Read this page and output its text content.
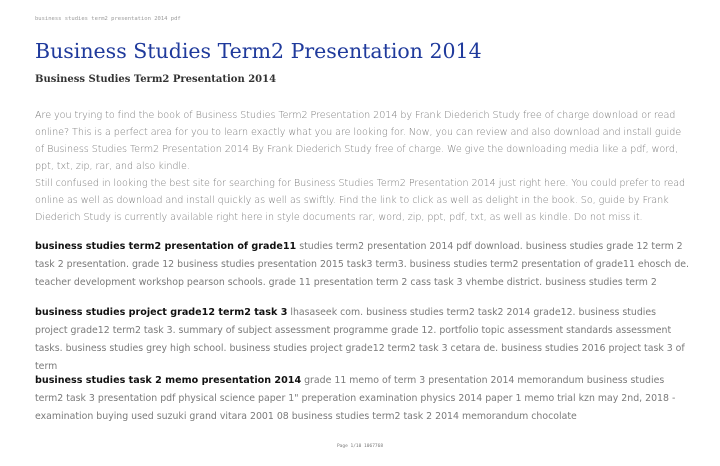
business studies term2 presentation 2014 pdf
Business Studies Term2 Presentation 2014
Business Studies Term2 Presentation 2014

Are you trying to find the book of Business Studies Term2 Presentation 2014 by Frank Diederich Study free of charge download or read online? This is a perfect area for you to learn exactly what you are looking for. Now, you can review and also download and install guide of Business Studies Term2 Presentation 2014 By Frank Diederich Study free of charge. We give the downloading media like a pdf, word, ppt, txt, zip, rar, and also kindle.

Still confused in looking the best site for searching for Business Studies Term2 Presentation 2014 just right here. You could prefer to read online as well as download and install quickly as well as swiftly. Find the link to click as well as delight in the book. So, guide by Frank Diederich Study is currently available right here in style documents rar, word, zip, ppt, pdf, txt, as well as kindle. Do not miss it.

business studies term2 presentation of grade11 studies term2 presentation 2014 pdf download. business studies grade 12 term 2 task 2 presentation. grade 12 business studies presentation 2015 task3 term3. business studies term2 presentation of grade11 ehosch de. teacher development workshop pearson schools. grade 11 presentation term 2 cass task 3 vhembe district. business studies term 2
business studies project grade12 term2 task 3 lhasaseek com. business studies term2 task2 2014 grade12. business studies project grade12 term2 task 3. summary of subject assessment programme grade 12. portfolio topic assessment standards assessment tasks. business studies grey high school. business studies project grade12 term2 task 3 cetara de. business studies 2016 project task 3 of term
business studies task 2 memo presentation 2014 grade 11 memo of term 3 presentation 2014 memorandum business studies term2 task 3 presentation pdf physical science paper 1" preperation examination physics 2014 paper 1 memo trial kzn may 2nd, 2018 - examination buying used suzuki grand vitara 2001 08 business studies term2 task 2 2014 memorandum chocolate
Page 1/10 1067768
